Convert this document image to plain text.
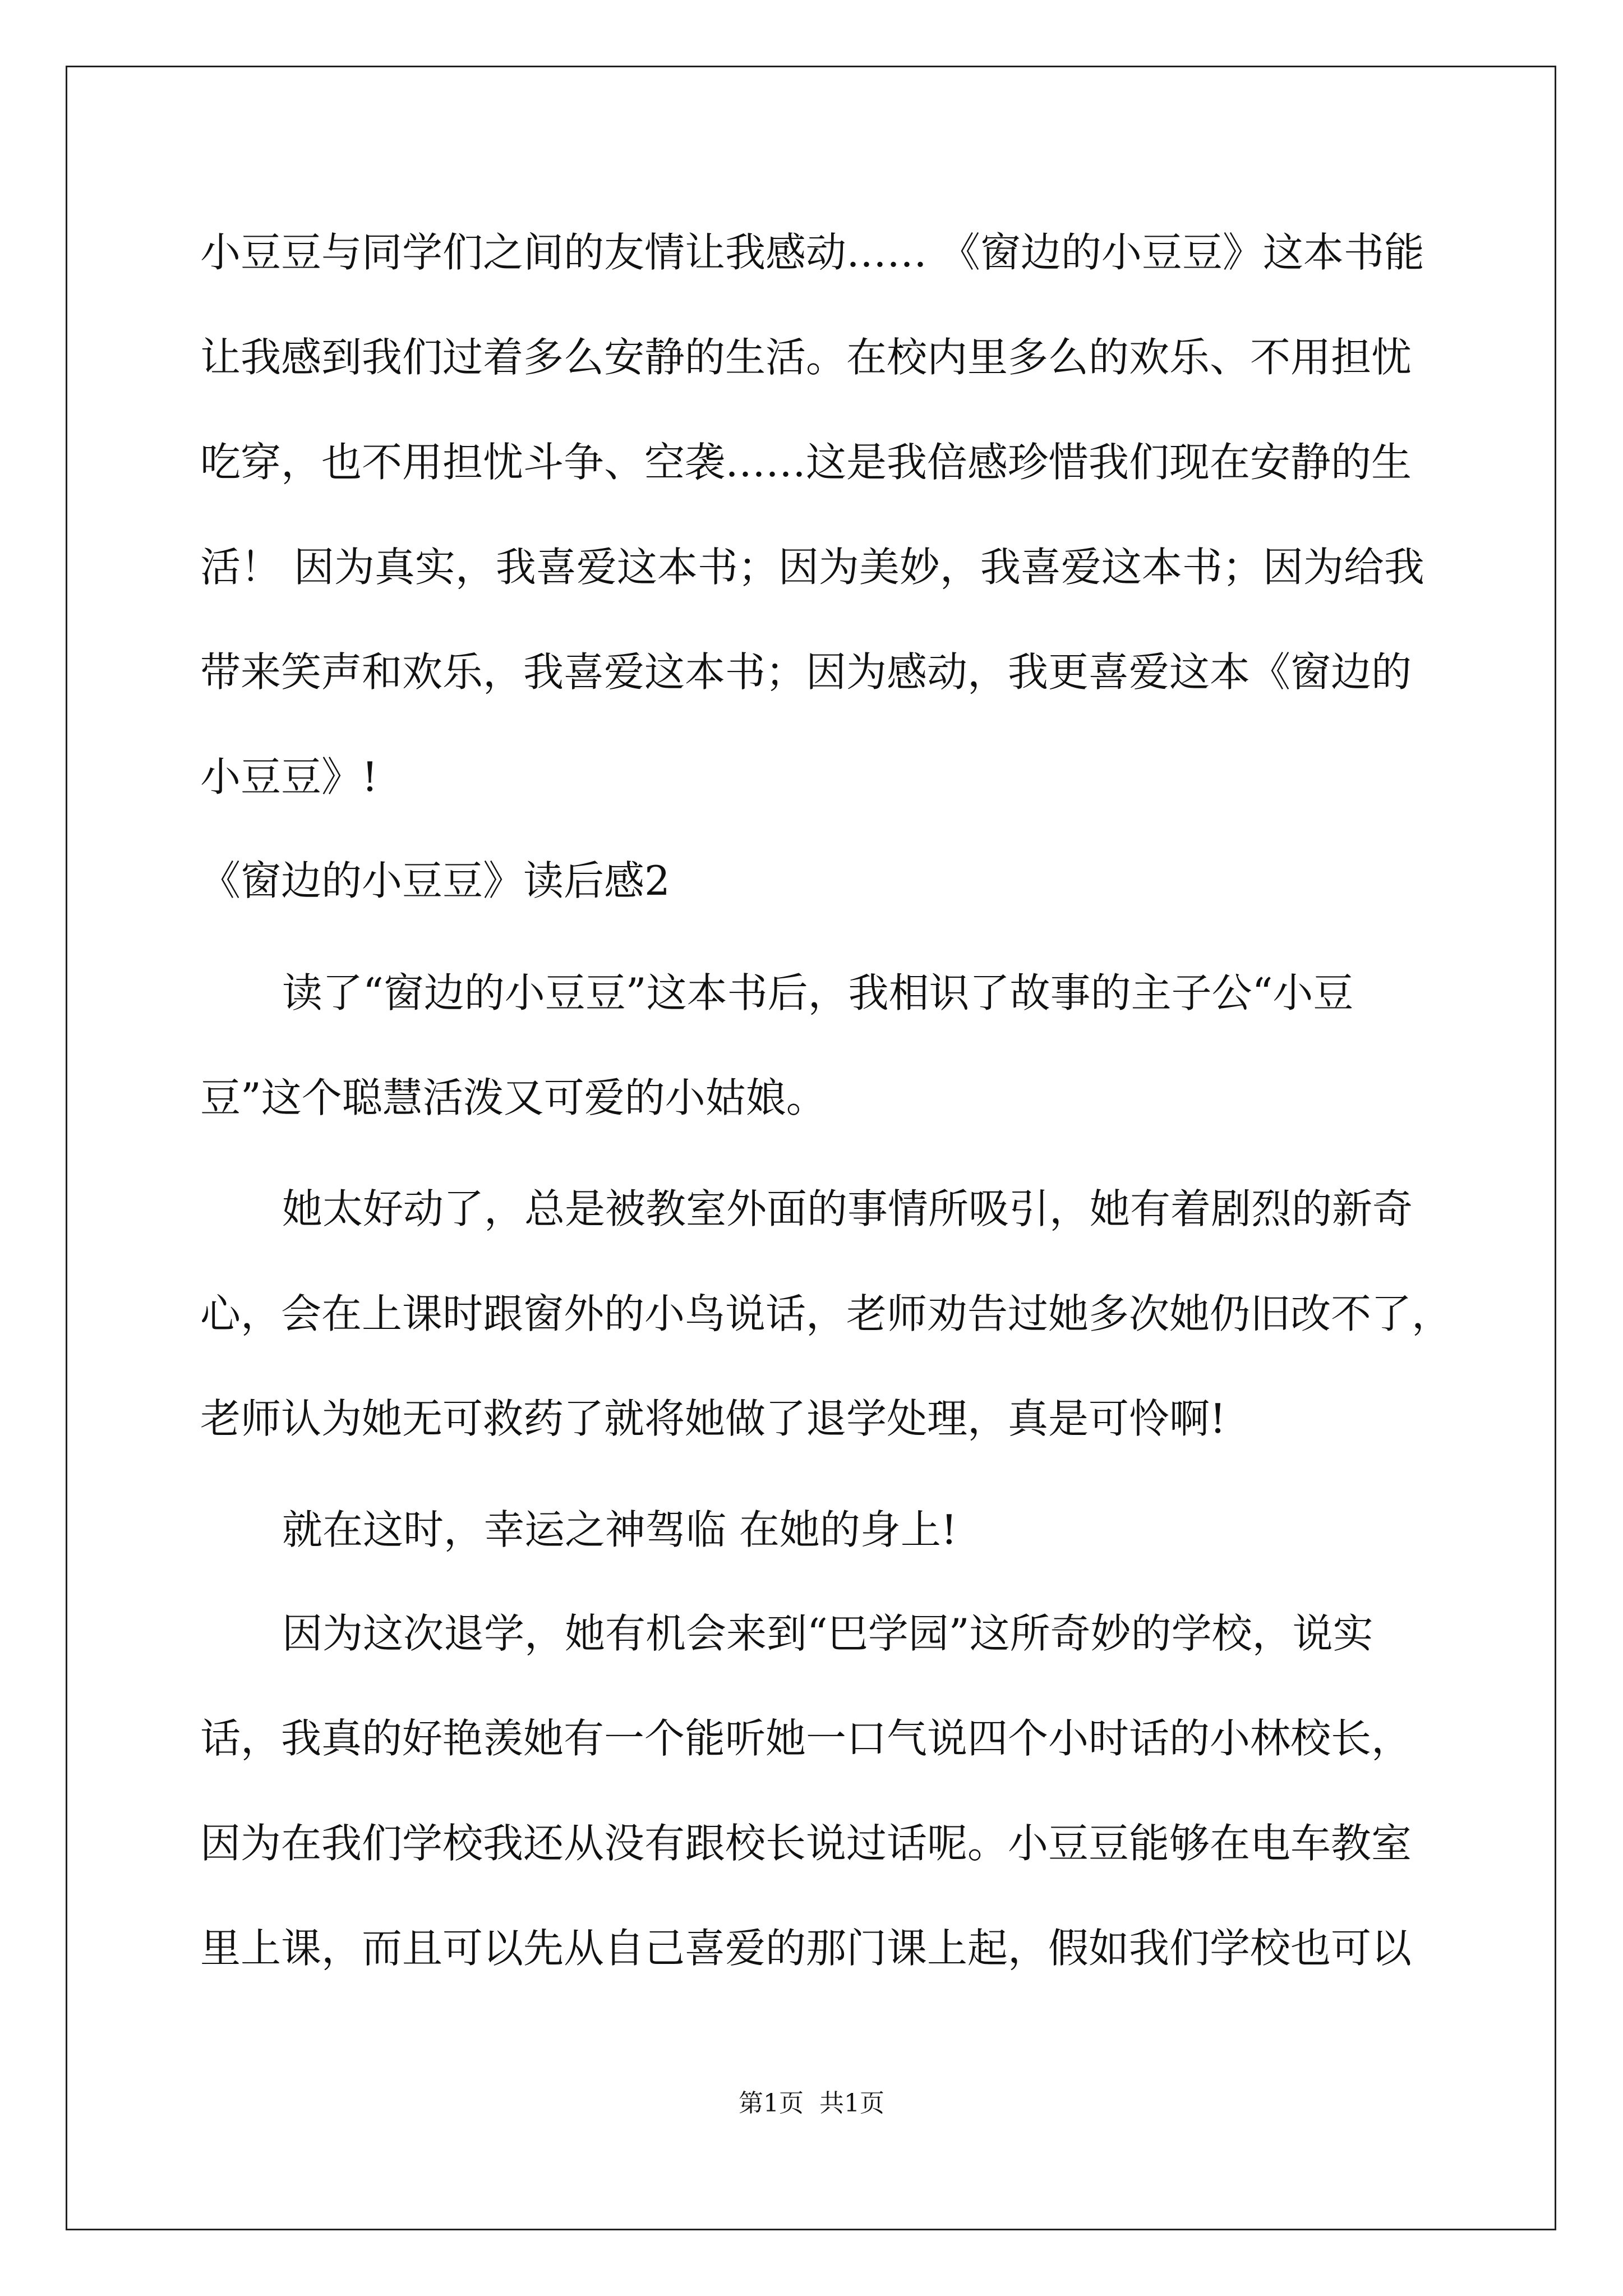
小豆豆与同学们之间的友情让我感动…… 《窗边的小豆豆》这本书能

让我感到我们过着多么安静的生活。在校内里多么的欢乐、不用担忧

吃穿，也不用担忧斗争、空袭……这是我倍感珍惜我们现在安静的生

活！ 因为真实，我喜爱这本书；因为美妙，我喜爱这本书；因为给我

带来笑声和欢乐，我喜爱这本书；因为感动，我更喜爱这本《窗边的

小豆豆》!

《窗边的小豆豆》读后感2

读了“窗边的小豆豆”这本书后，我相识了故事的主子公“小豆

豆”这个聪慧活泼又可爱的小姑娘。

她太好动了，总是被教室外面的事情所吸引，她有着剧烈的新奇

心，会在上课时跟窗外的小鸟说话，老师劝告过她多次她仍旧改不了，

老师认为她无可救药了就将她做了退学处理，真是可怜啊!

就在这时，幸运之神驾临 在她的身上!

因为这次退学，她有机会来到“巴学园”这所奇妙的学校，说实

话，我真的好艳羡她有一个能听她一口气说四个小时话的小林校长，

因为在我们学校我还从没有跟校长说过话呢。小豆豆能够在电车教室

里上课，而且可以先从自己喜爱的那门课上起，假如我们学校也可以

第1页  共1页
